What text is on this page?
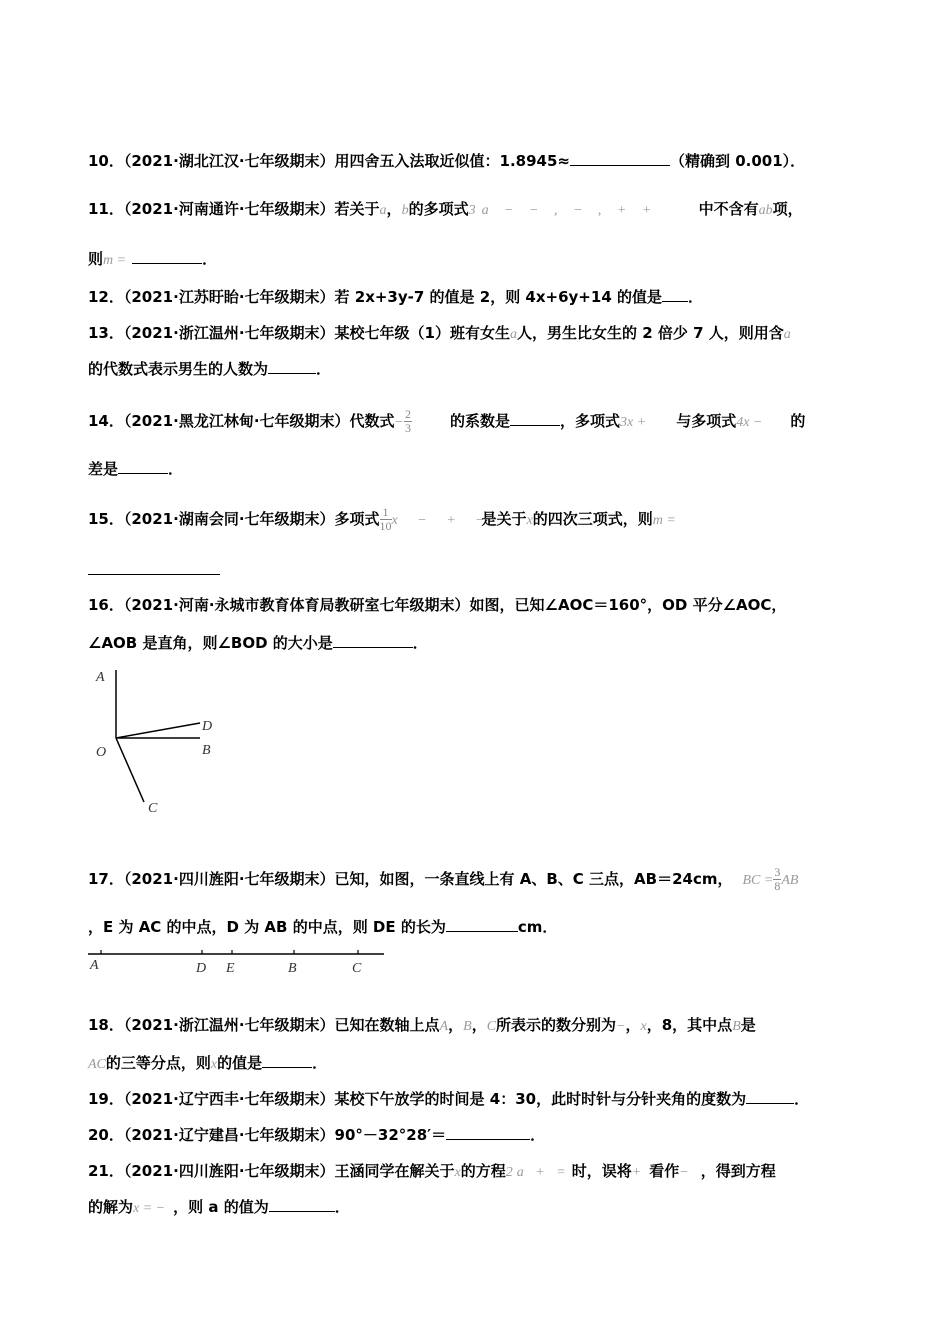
10．（2021·湖北江汉·七年级期末）用四舍五入法取近似值：1.8945≈	（精确到 0.001）．
11．（2021·河南通许·七年级期末）若关于a，b的多项式3a − − , − , + +	中不含有ab项，
则m =	．
12．（2021·江苏盱眙·七年级期末）若 2x+3y-7 的值是 2，则 4x+6y+14 的值是 ．
13．（2021·浙江温州·七年级期末）某校七年级（1）班有女生a人，男生比女生的 2 倍少 7 人，则用含a
的代数式表示男生的人数为	．
14．（2021·黑龙江林甸·七年级期末）代数式− $\frac{2}{3}$	的系数是	，多项式3x + 与多项式4x − 的
差是	．
15．（2021·湖南会同·七年级期末）多项式 $\frac{1}{10}$ x − + −是关于x的四次三项式，则m =
16．（2021·河南·永城市教育体育局教研室七年级期末）如图，已知∠AOC＝160°，OD 平分∠AOC，
∠AOB 是直角，则∠BOD 的大小是	．
A
D
O	B
C
17．（2021·四川旌阳·七年级期末）已知，如图，一条直线上有 A、B、C 三点，AB＝24cm， BC = $\frac{3}{8}$ AB
，E 为 AC 的中点，D 为 AB 的中点，则 DE 的长为	cm．
A	D E	B	C
18．（2021·浙江温州·七年级期末）已知在数轴上点A，B，C所表示的数分别为−，x，8，其中点B是
AC的三等分点，则x的值是	．
19．（2021·辽宁西丰·七年级期末）某校下午放学的时间是 4：30，此时时针与分针夹角的度数为	．
20．（2021·辽宁建昌·七年级期末）90°－32°28′＝	．
21．（2021·四川旌阳·七年级期末）王涵同学在解关于x的方程2a + = 时，误将+ 看作− ，得到方程
的解为x = − ，则 a 的值为	．
